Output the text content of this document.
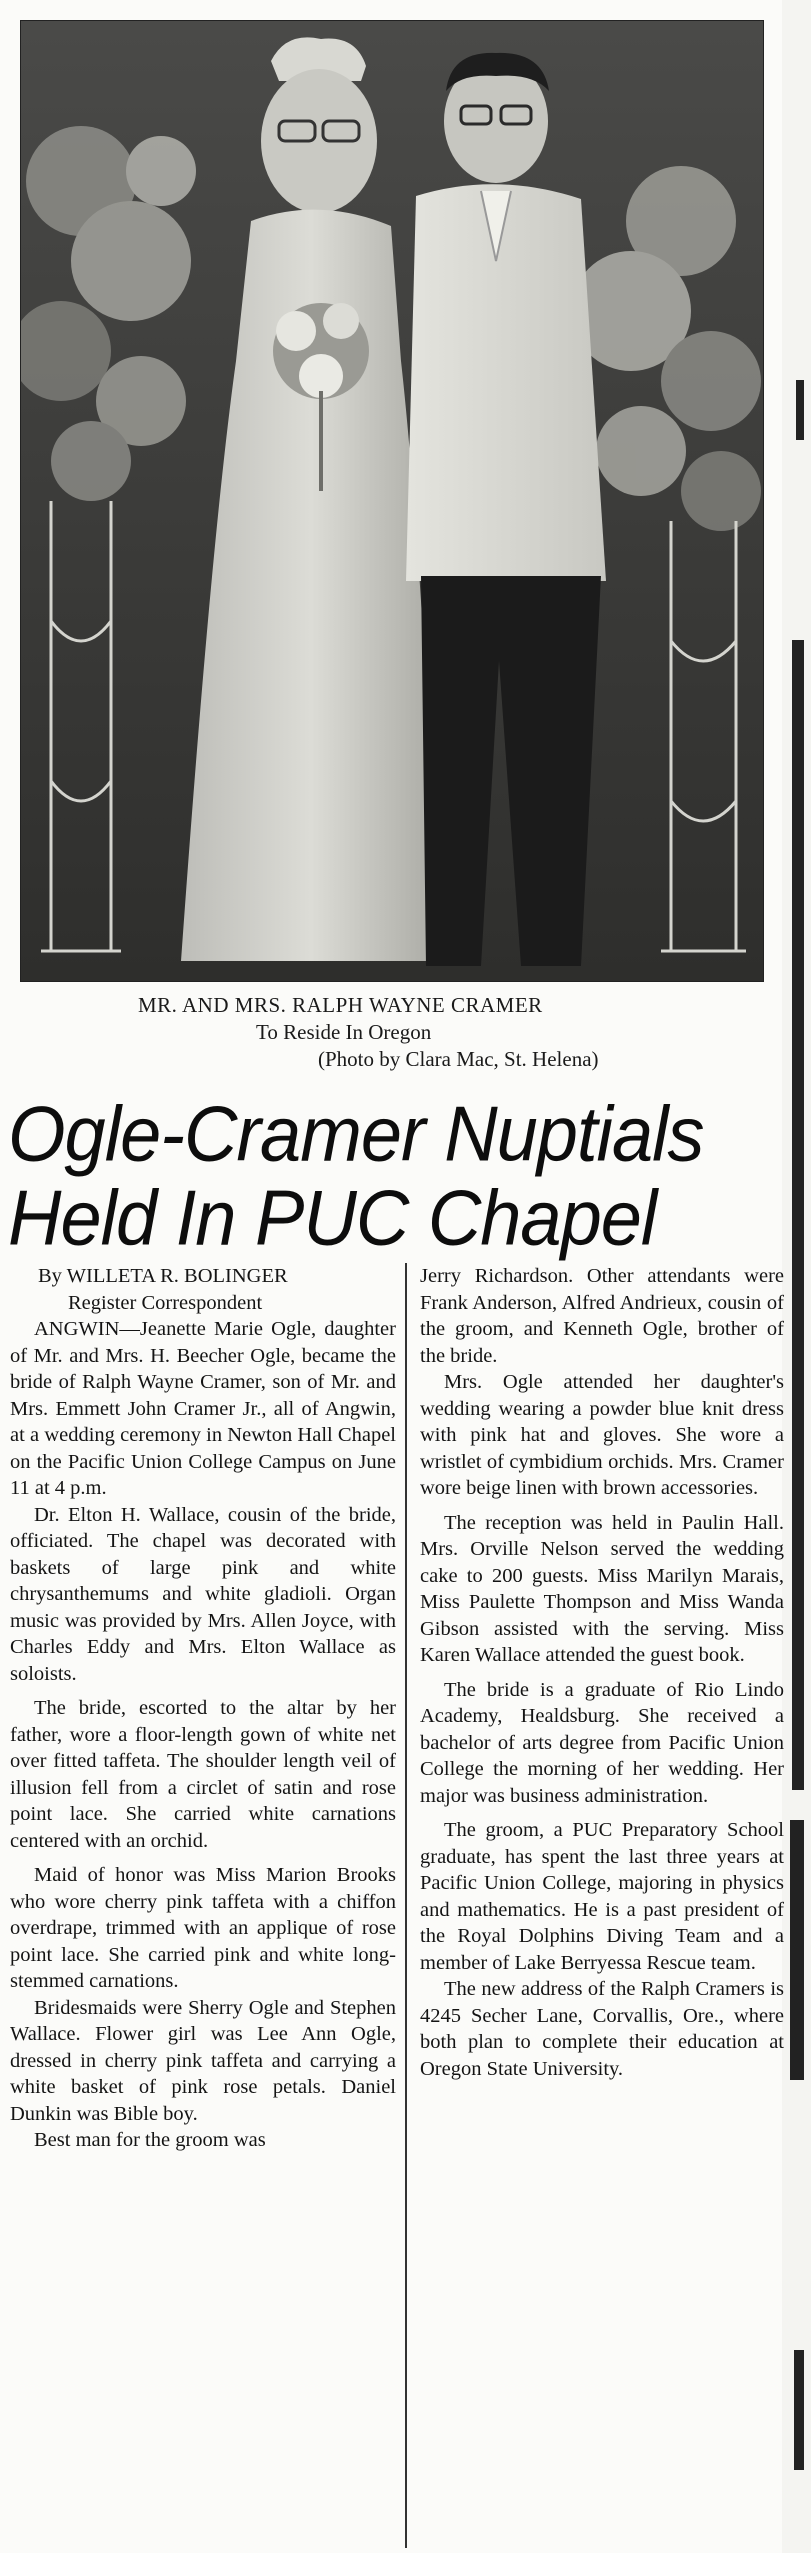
MR. AND MRS. RALPH WAYNE CRAMER
To Reside In Oregon
(Photo by Clara Mac, St. Helena)
Ogle-Cramer Nuptials
Held In PUC Chapel
By WILLETA R. BOLINGER
Register Correspondent

ANGWIN—Jeanette Marie Ogle, daughter of Mr. and Mrs. H. Beecher Ogle, became the bride of Ralph Wayne Cramer, son of Mr. and Mrs. Emmett John Cramer Jr., all of Angwin, at a wedding ceremony in Newton Hall Chapel on the Pacific Union College Campus on June 11 at 4 p.m.

Dr. Elton H. Wallace, cousin of the bride, officiated. The chapel was decorated with baskets of large pink and white chrysanthemums and white gladioli. Organ music was provided by Mrs. Allen Joyce, with Charles Eddy and Mrs. Elton Wallace as soloists.

The bride, escorted to the altar by her father, wore a floor-length gown of white net over fitted taffeta. The shoulder length veil of illusion fell from a circlet of satin and rose point lace. She carried white carnations centered with an orchid.

Maid of honor was Miss Marion Brooks who wore cherry pink taffeta with a chiffon overdrape, trimmed with an applique of rose point lace. She carried pink and white long-stemmed carnations.

Bridesmaids were Sherry Ogle and Stephen Wallace. Flower girl was Lee Ann Ogle, dressed in cherry pink taffeta and carrying a white basket of pink rose petals. Daniel Dunkin was Bible boy.

Best man for the groom was

Jerry Richardson. Other attendants were Frank Anderson, Alfred Andrieux, cousin of the groom, and Kenneth Ogle, brother of the bride.

Mrs. Ogle attended her daughter's wedding wearing a powder blue knit dress with pink hat and gloves. She wore a wristlet of cymbidium orchids. Mrs. Cramer wore beige linen with brown accessories.

The reception was held in Paulin Hall. Mrs. Orville Nelson served the wedding cake to 200 guests. Miss Marilyn Marais, Miss Paulette Thompson and Miss Wanda Gibson assisted with the serving. Miss Karen Wallace attended the guest book.

The bride is a graduate of Rio Lindo Academy, Healdsburg. She received a bachelor of arts degree from Pacific Union College the morning of her wedding. Her major was business administration.

The groom, a PUC Preparatory School graduate, has spent the last three years at Pacific Union College, majoring in physics and mathematics. He is a past president of the Royal Dolphins Diving Team and a member of Lake Berryessa Rescue team.

The new address of the Ralph Cramers is 4245 Secher Lane, Corvallis, Ore., where both plan to complete their education at Oregon State University.
